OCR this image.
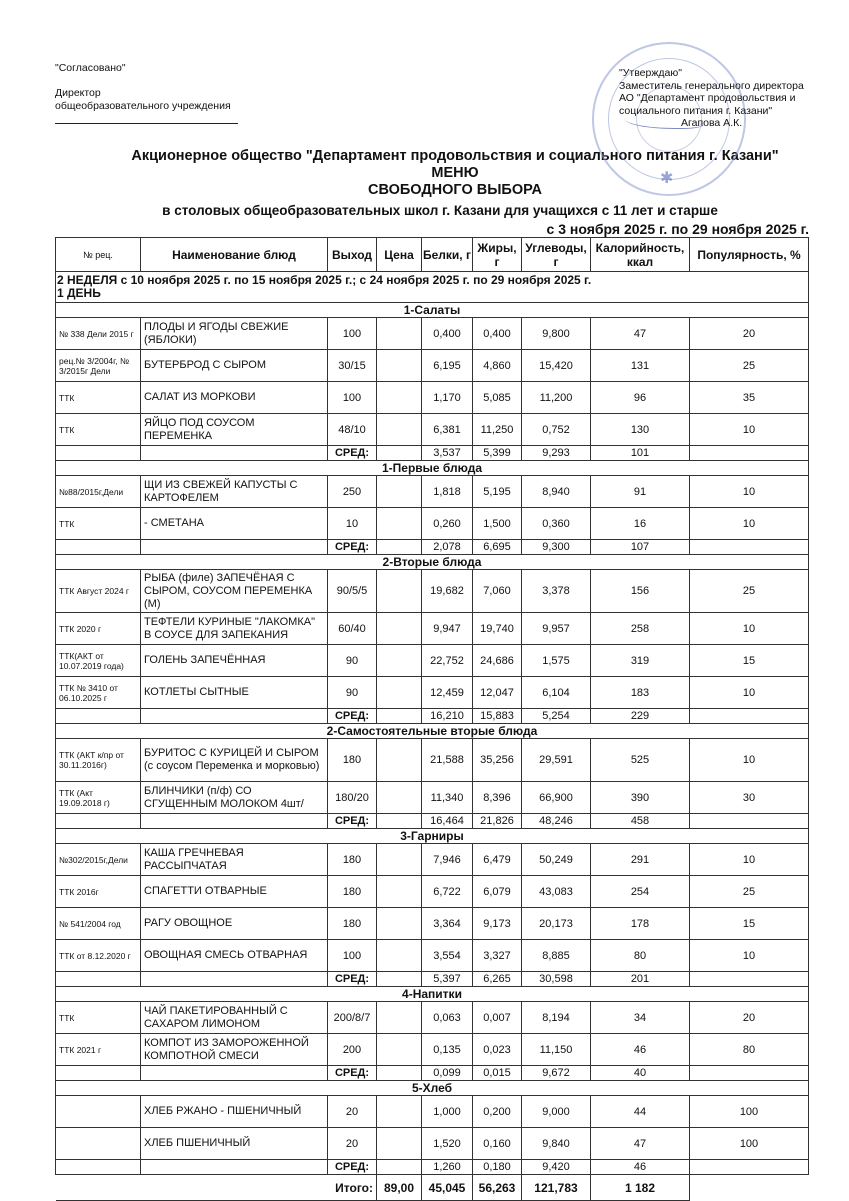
"Согласовано"
Директор
общеобразовательного учреждения
✱
"Утверждаю"
Заместитель генерального директора
АО "Департамент продовольствия и
социального питания г. Казани"
Агапова А.К.
Акционерное общество "Департамент продовольствия и социального питания г. Казани"
МЕНЮ
СВОБОДНОГО ВЫБОРА
в столовых общеобразовательных школ г. Казани для учащихся с 11 лет и старше
с 3 ноября 2025 г. по 29 ноября 2025 г.
№ рец.	Наименование блюд	Выход	Цена	Белки, г	Жиры, г	Углеводы, г	Калорийность, ккал	Популярность, %

2 НЕДЕЛЯ с 10 ноября 2025 г. по 15 ноября 2025 г.; с 24 ноября 2025 г. по 29 ноября 2025 г.
1 ДЕНЬ								

1-Салаты								
№ 338 Дели 2015 г	ПЛОДЫ И ЯГОДЫ СВЕЖИЕ (ЯБЛОКИ)	100		0,400	0,400	9,800	47	20
рец.№ 3/2004г, № 3/2015г Дели	БУТЕРБРОД С СЫРОМ	30/15		6,195	4,860	15,420	131	25
ТТК	САЛАТ ИЗ МОРКОВИ	100		1,170	5,085	11,200	96	35
ТТК	ЯЙЦО ПОД СОУСОМ ПЕРЕМЕНКА	48/10		6,381	11,250	0,752	130	10
		СРЕД:		3,537	5,399	9,293	101	
1-Первые блюда								
№88/2015г,Дели	ЩИ ИЗ СВЕЖЕЙ КАПУСТЫ С КАРТОФЕЛЕМ	250		1,818	5,195	8,940	91	10
ТТК	- СМЕТАНА	10		0,260	1,500	0,360	16	10
		СРЕД:		2,078	6,695	9,300	107	
2-Вторые блюда								
ТТК Август 2024 г	РЫБА (филе) ЗАПЕЧЁНАЯ С СЫРОМ, СОУСОМ ПЕРЕМЕНКА (М)	90/5/5		19,682	7,060	3,378	156	25
ТТК 2020 г	ТЕФТЕЛИ КУРИНЫЕ "ЛАКОМКА" В СОУСЕ ДЛЯ ЗАПЕКАНИЯ	60/40		9,947	19,740	9,957	258	10
ТТК(АКТ от 10.07.2019 года)	ГОЛЕНЬ ЗАПЕЧЁННАЯ	90		22,752	24,686	1,575	319	15
ТТК № 3410 от 06.10.2025 г	КОТЛЕТЫ СЫТНЫЕ	90		12,459	12,047	6,104	183	10
		СРЕД:		16,210	15,883	5,254	229	
2-Самостоятельные вторые блюда								
ТТК (АКТ к/пр от 30.11.2016г)	БУРИТОС С КУРИЦЕЙ И СЫРОМ (с соусом Переменка и морковью)	180		21,588	35,256	29,591	525	10
ТТК (Акт 19.09.2018 г)	БЛИНЧИКИ (п/ф) СО СГУЩЕННЫМ МОЛОКОМ 4шт/	180/20		11,340	8,396	66,900	390	30
		СРЕД:		16,464	21,826	48,246	458	
3-Гарниры								
№302/2015г,Дели	КАША ГРЕЧНЕВАЯ РАССЫПЧАТАЯ	180		7,946	6,479	50,249	291	10
ТТК 2016г	СПАГЕТТИ ОТВАРНЫЕ	180		6,722	6,079	43,083	254	25
№ 541/2004 год	РАГУ ОВОЩНОЕ	180		3,364	9,173	20,173	178	15
ТТК от 8.12.2020 г	ОВОЩНАЯ СМЕСЬ ОТВАРНАЯ	100		3,554	3,327	8,885	80	10
		СРЕД:		5,397	6,265	30,598	201	
4-Напитки								
ТТК	ЧАЙ ПАКЕТИРОВАННЫЙ С САХАРОМ ЛИМОНОМ	200/8/7		0,063	0,007	8,194	34	20
ТТК 2021 г	КОМПОТ ИЗ ЗАМОРОЖЕННОЙ КОМПОТНОЙ СМЕСИ	200		0,135	0,023	11,150	46	80
		СРЕД:		0,099	0,015	9,672	40	
5-Хлеб								
	ХЛЕБ РЖАНО - ПШЕНИЧНЫЙ	20		1,000	0,200	9,000	44	100
	ХЛЕБ ПШЕНИЧНЫЙ	20		1,520	0,160	9,840	47	100
		СРЕД:		1,260	0,180	9,420	46	
Итого:			89,00	45,045	56,263	121,783	1 182	
